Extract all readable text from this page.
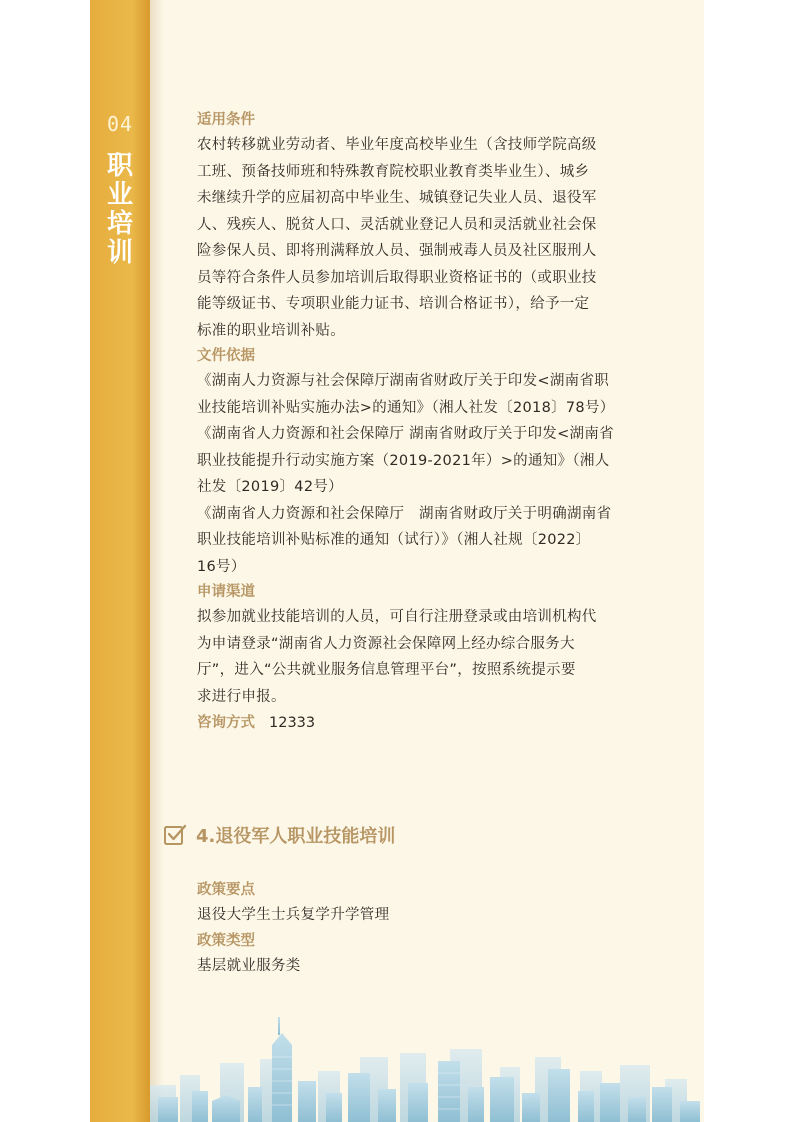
04
职
业
培
训
适用条件
农村转移就业劳动者、毕业年度高校毕业生（含技师学院高级
工班、预备技师班和特殊教育院校职业教育类毕业生）、城乡
未继续升学的应届初高中毕业生、城镇登记失业人员、退役军
人、残疾人、脱贫人口、灵活就业登记人员和灵活就业社会保
险参保人员、即将刑满释放人员、强制戒毒人员及社区服刑人
员等符合条件人员参加培训后取得职业资格证书的（或职业技
能等级证书、专项职业能力证书、培训合格证书），给予一定
标准的职业培训补贴。
文件依据
《湖南人力资源与社会保障厅湖南省财政厅关于印发<湖南省职
业技能培训补贴实施办法>的通知》（湘人社发〔2018〕78号）
《湖南省人力资源和社会保障厅 湖南省财政厅关于印发<湖南省
职业技能提升行动实施方案（2019-2021年）>的通知》（湘人
社发〔2019〕42号）
《湖南省人力资源和社会保障厅　湖南省财政厅关于明确湖南省
职业技能培训补贴标准的通知（试行）》（湘人社规〔2022〕
16号）
申请渠道
拟参加就业技能培训的人员，可自行注册登录或由培训机构代
为申请登录“湖南省人力资源社会保障网上经办综合服务大
厅”，进入“公共就业服务信息管理平台”，按照系统提示要
求进行申报。
咨询方式 12333
4.退役军人职业技能培训
政策要点
退役大学生士兵复学升学管理
政策类型
基层就业服务类
